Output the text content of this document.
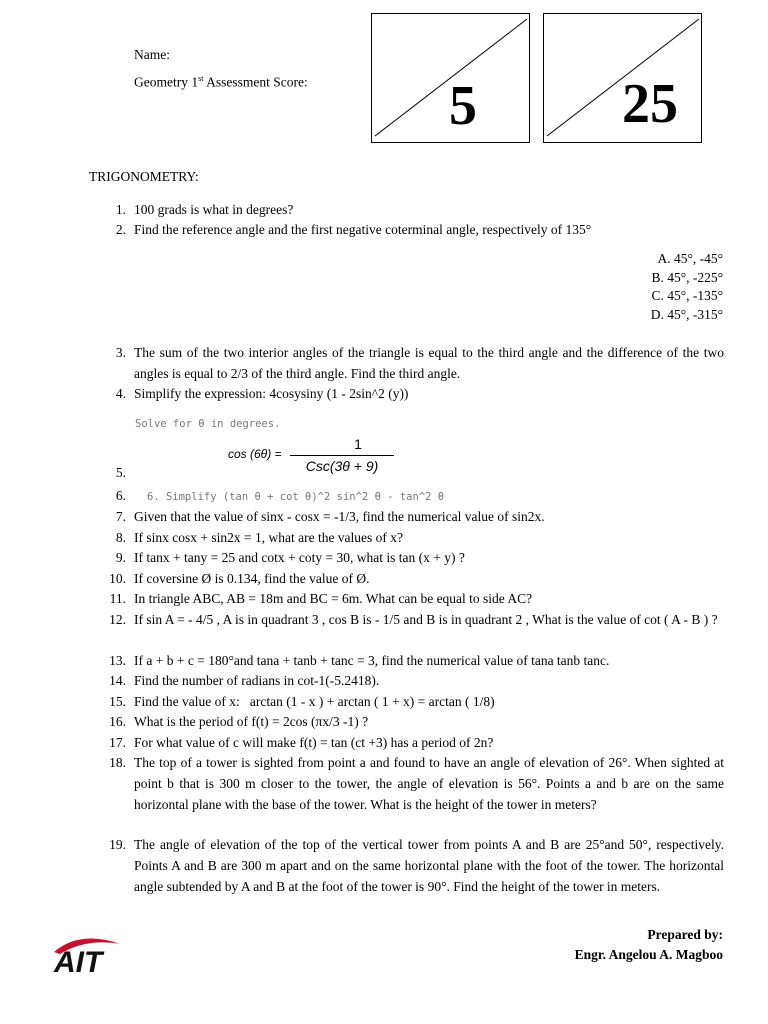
Name:
Geometry 1st Assessment Score:	5	25
TRIGONOMETRY:
1. 100 grads is what in degrees?
2. Find the reference angle and the first negative coterminal angle, respectively of 135°
A. 45°, -45°
B. 45°, -225°
C. 45°, -135°
D. 45°, -315°
3. The sum of the two interior angles of the triangle is equal to the third angle and the difference of the two angles is equal to 2/3 of the third angle. Find the third angle.
4. Simplify the expression: 4cosysiny (1 - 2sin^2 (y))
Solve for θ in degrees.
cos (6θ) =
1
Csc(3θ + 9)
5.
6. 6. Simplify (tan θ + cot θ)^2 sin^2 θ - tan^2 θ
7. Given that the value of sinx - cosx = -1/3, find the numerical value of sin2x.
8. If sinx cosx + sin2x = 1, what are the values of x?
9. If tanx + tany = 25 and cotx + coty = 30, what is tan (x + y) ?
10. If coversine Ø is 0.134, find the value of Ø.
11. In triangle ABC, AB = 18m and BC = 6m. What can be equal to side AC?
12. If sin A = - 4/5 , A is in quadrant 3 , cos B is - 1/5 and B is in quadrant 2 , What is the value of cot ( A - B ) ?
13. If a + b + c = 180°and tana + tanb + tanc = 3, find the numerical value of tana tanb tanc.
14. Find the number of radians in cot-1(-5.2418).
15. Find the value of x:   arctan (1 - x ) + arctan ( 1 + x) = arctan ( 1/8)
16. What is the period of f(t) = 2cos (πx/3 -1) ?
17. For what value of c will make f(t) = tan (ct +3) has a period of 2n?
18. The top of a tower is sighted from point a and found to have an angle of elevation of 26°. When sighted at point b that is 300 m closer to the tower, the angle of elevation is 56°. Points a and b are on the same horizontal plane with the base of the tower. What is the height of the tower in meters?
19. The angle of elevation of the top of the vertical tower from points A and B are 25°and 50°, respectively. Points A and B are 300 m apart and on the same horizontal plane with the foot of the tower. The horizontal angle subtended by A and B at the foot of the tower is 90°. Find the height of the tower in meters.
AIT
Prepared by:
Engr. Angelou A. Magboo
